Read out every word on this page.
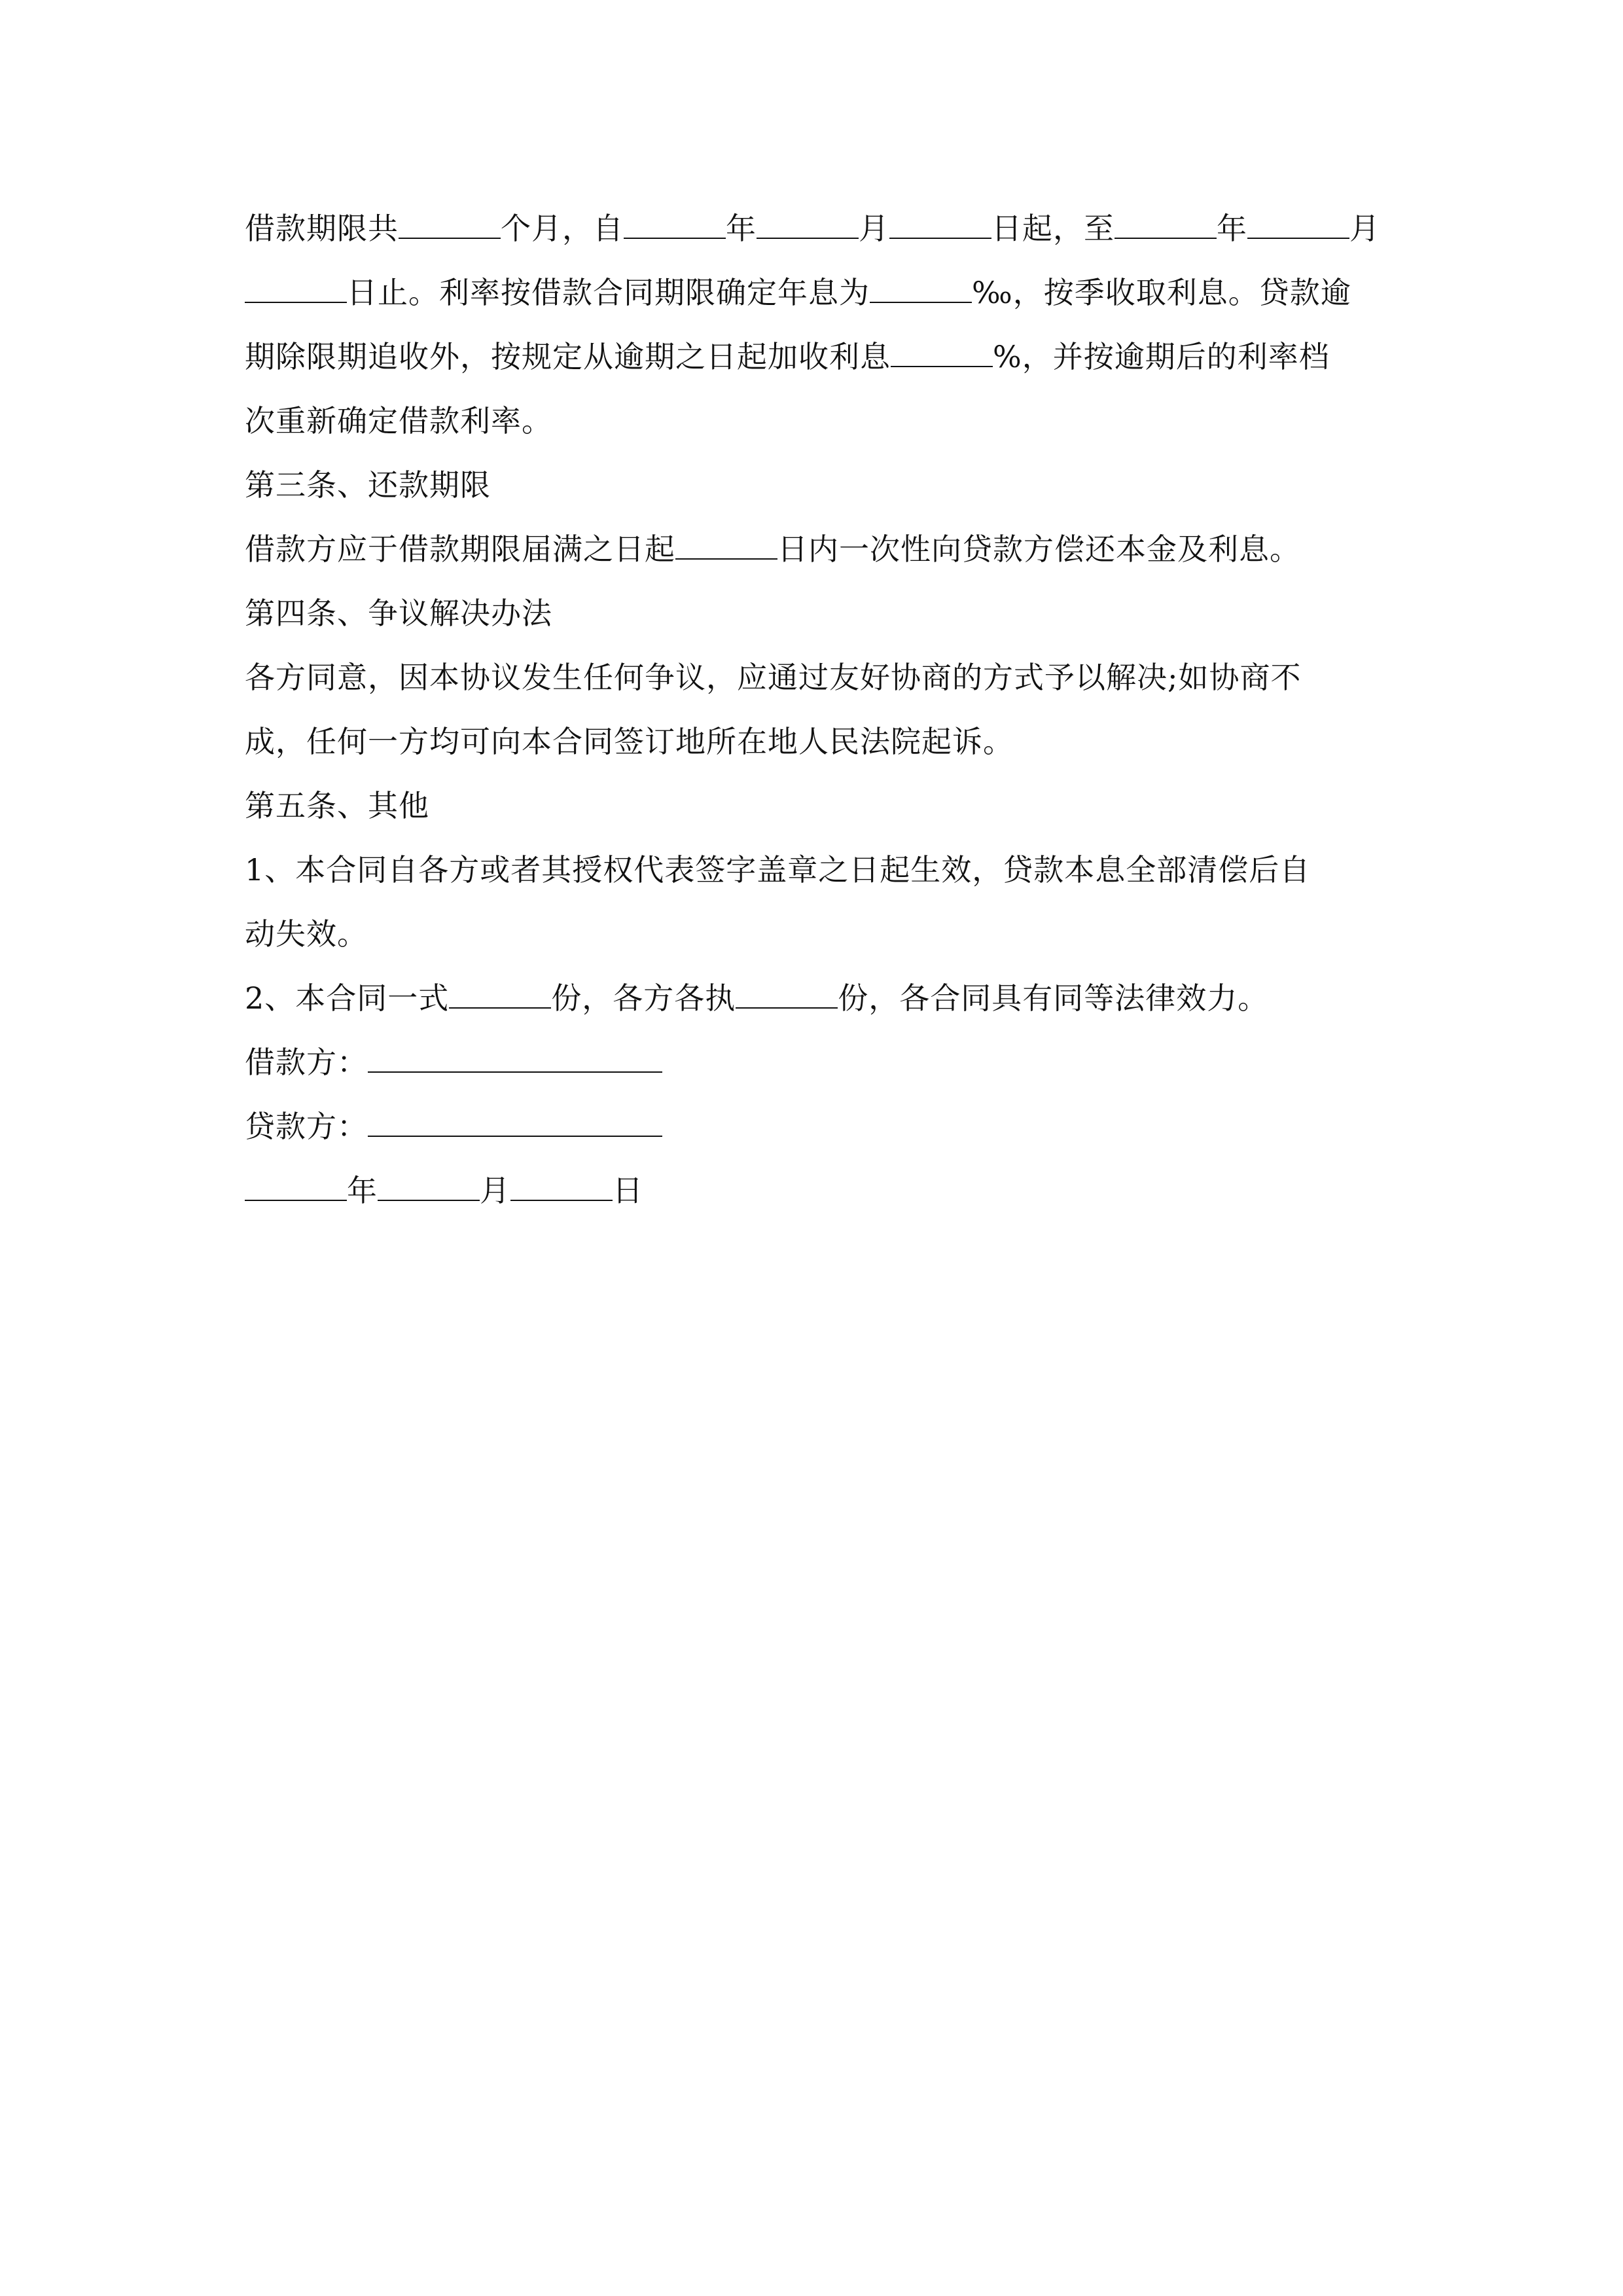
借款期限共	个月，自	年	月	日起，至	年	月
日止。利率按借款合同期限确定年息为	‰，按季收取利息。贷款逾
期除限期追收外，按规定从逾期之日起加收利息	%，并按逾期后的利率档
次重新确定借款利率。
第三条、还款期限
借款方应于借款期限届满之日起	日内一次性向贷款方偿还本金及利息。
第四条、争议解决办法
各方同意，因本协议发生任何争议，应通过友好协商的方式予以解决;如协商不
成，任何一方均可向本合同签订地所在地人民法院起诉。
第五条、其他
1、本合同自各方或者其授权代表签字盖章之日起生效，贷款本息全部清偿后自
动失效。
2、本合同一式	份，各方各执	份，各合同具有同等法律效力。
借款方：
贷款方：
年	月	日
